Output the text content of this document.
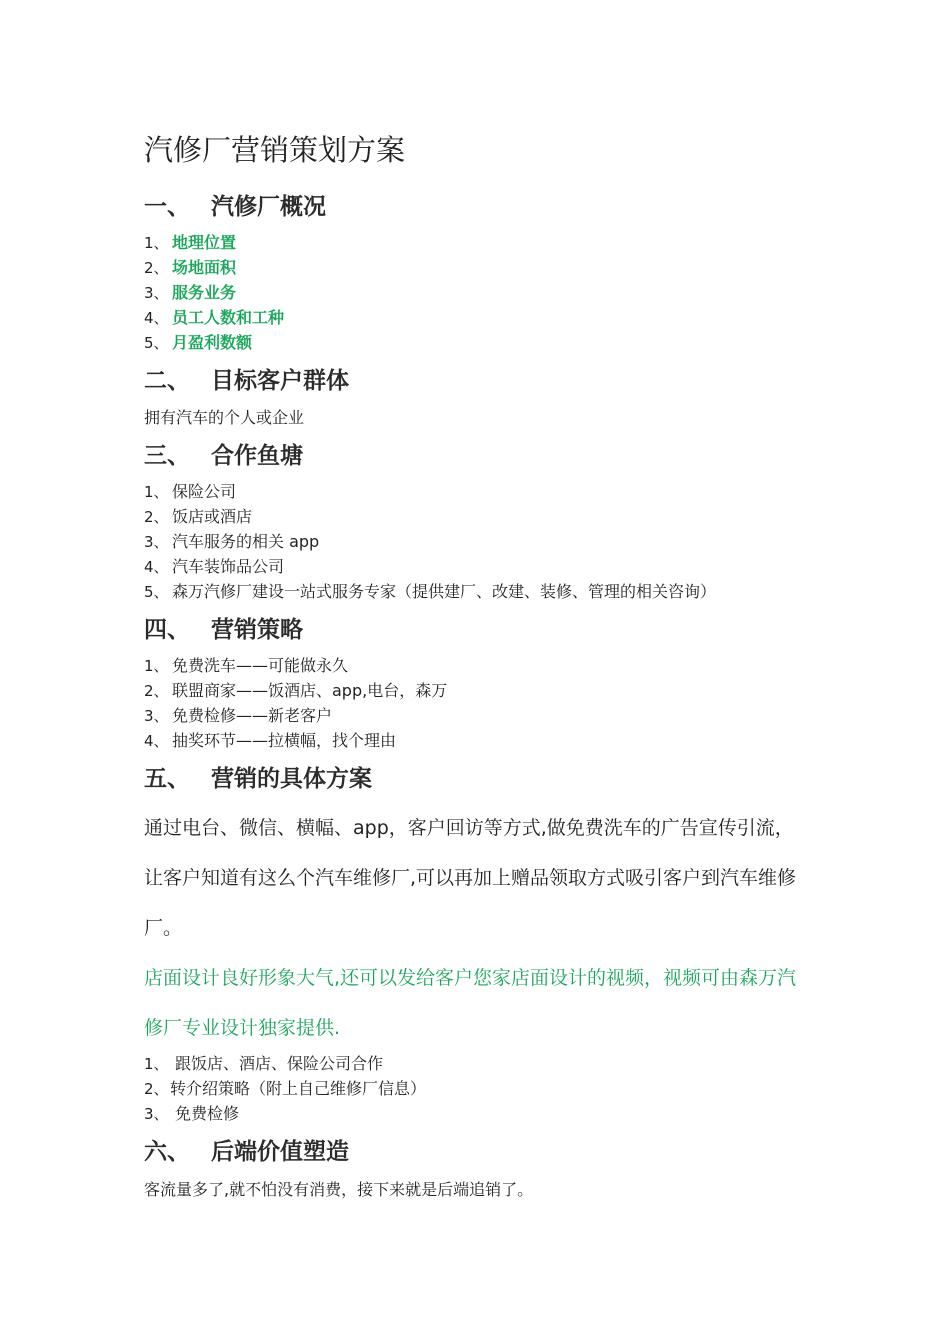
汽修厂营销策划方案
一、 汽修厂概况
1、 地理位置
2、 场地面积
3、 服务业务
4、 员工人数和工种
5、 月盈利数额
二、 目标客户群体

拥有汽车的个人或企业

三、 合作鱼塘
1、 保险公司
2、 饭店或酒店
3、 汽车服务的相关 app
4、 汽车装饰品公司
5、 森万汽修厂建设一站式服务专家（提供建厂、改建、装修、管理的相关咨询）
四、 营销策略
1、 免费洗车——可能做永久
2、 联盟商家——饭酒店、app,电台，森万
3、 免费检修——新老客户
4、 抽奖环节——拉横幅，找个理由
五、 营销的具体方案
通过电台、微信、横幅、app，客户回访等方式,做免费洗车的广告宣传引流，
让客户知道有这么个汽车维修厂,可以再加上赠品领取方式吸引客户到汽车维修
厂。
店面设计良好形象大气,还可以发给客户您家店面设计的视频，视频可由森万汽
修厂专业设计独家提供.
1、跟饭店、酒店、保险公司合作
2、转介绍策略（附上自己维修厂信息）
3、免费检修
六、 后端价值塑造

客流量多了,就不怕没有消费，接下来就是后端追销了。
